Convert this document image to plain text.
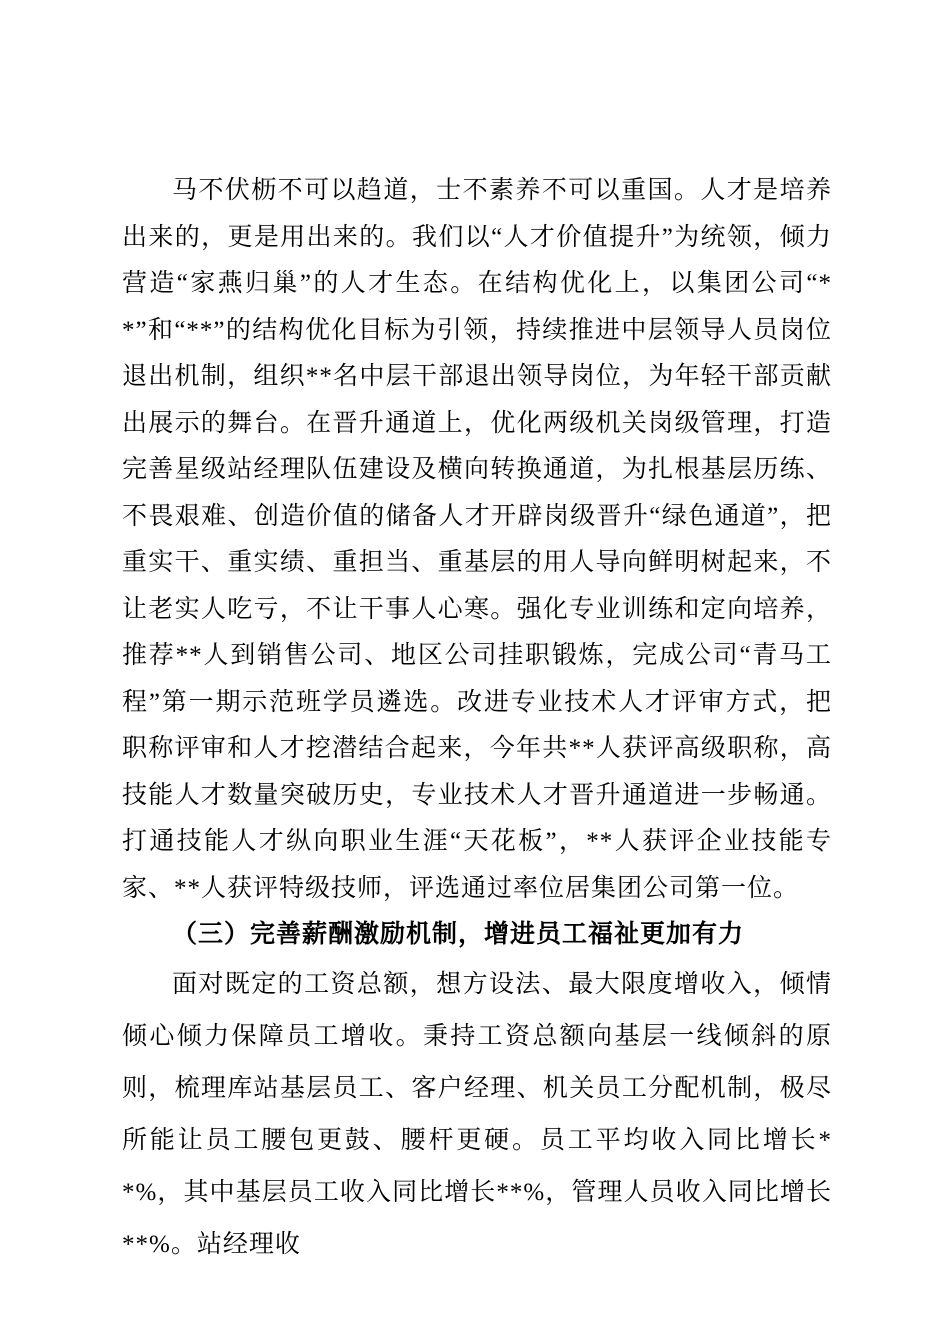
马不伏枥不可以趋道，士不素养不可以重国。人才是培养出来的，更是用出来的。我们以“人才价值提升”为统领，倾力营造“家燕归巢”的人才生态。在结构优化上，以集团公司“**”和“**”的结构优化目标为引领，持续推进中层领导人员岗位退出机制，组织**名中层干部退出领导岗位，为年轻干部贡献出展示的舞台。在晋升通道上，优化两级机关岗级管理，打造完善星级站经理队伍建设及横向转换通道，为扎根基层历练、不畏艰难、创造价值的储备人才开辟岗级晋升“绿色通道”，把重实干、重实绩、重担当、重基层的用人导向鲜明树起来，不让老实人吃亏，不让干事人心寒。强化专业训练和定向培养，推荐**人到销售公司、地区公司挂职锻炼，完成公司“青马工程”第一期示范班学员遴选。改进专业技术人才评审方式，把职称评审和人才挖潜结合起来，今年共**人获评高级职称，高技能人才数量突破历史，专业技术人才晋升通道进一步畅通。打通技能人才纵向职业生涯“天花板”，**人获评企业技能专家、**人获评特级技师，评选通过率位居集团公司第一位。

（三）完善薪酬激励机制，增进员工福祉更加有力

面对既定的工资总额，想方设法、最大限度增收入，倾情倾心倾力保障员工增收。秉持工资总额向基层一线倾斜的原则，梳理库站基层员工、客户经理、机关员工分配机制，极尽所能让员工腰包更鼓、腰杆更硬。员工平均收入同比增长**%，其中基层员工收入同比增长**%，管理人员收入同比增长**%。站经理收
